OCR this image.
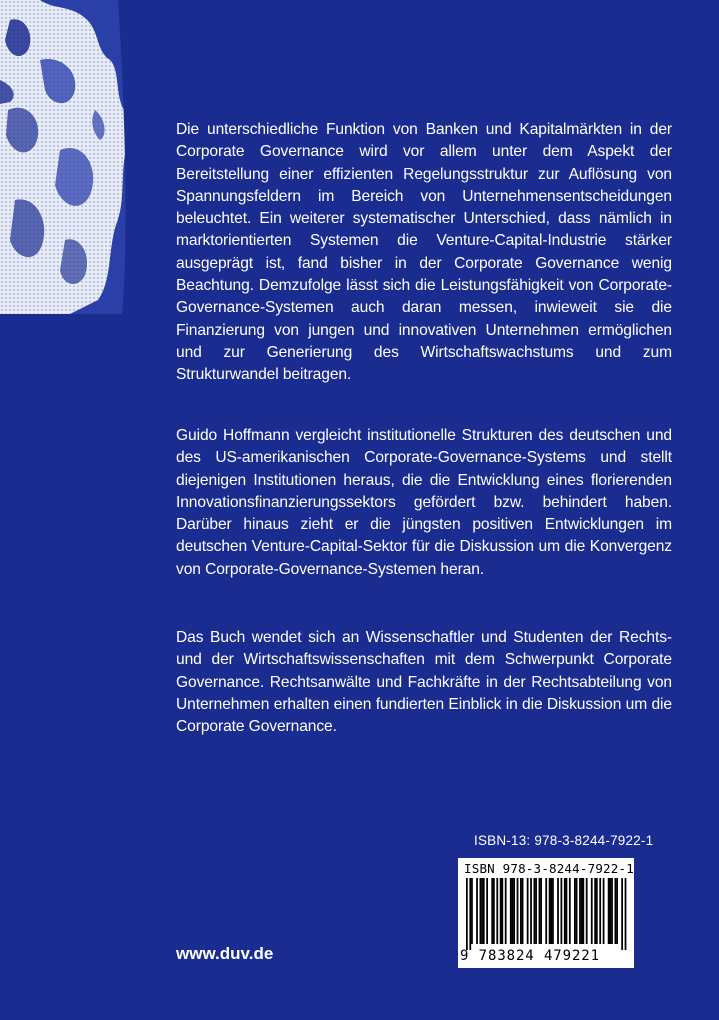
Die unterschiedliche Funktion von Banken und Kapitalmärkten in der Corporate Governance wird vor allem unter dem Aspekt der Bereitstellung einer effizienten Regelungsstruktur zur Auflösung von Spannungsfeldern im Bereich von Unternehmensentscheidungen beleuchtet. Ein weiterer systematischer Unterschied, dass nämlich in marktorientierten Systemen die Venture-Capital-Industrie stärker ausgeprägt ist, fand bisher in der Corporate Governance wenig Beachtung. Demzufolge lässt sich die Leistungsfähigkeit von Corporate-Governance-Systemen auch daran messen, inwieweit sie die Finanzierung von jungen und innovativen Unternehmen ermöglichen und zur Generierung des Wirtschaftswachstums und zum Strukturwandel beitragen.
Guido Hoffmann vergleicht institutionelle Strukturen des deutschen und des US-amerikanischen Corporate-Governance-Systems und stellt diejenigen Institutionen heraus, die die Entwicklung eines florierenden Innovationsfinanzierungssektors gefördert bzw. behindert haben. Darüber hinaus zieht er die jüngsten positiven Entwicklungen im deutschen Venture-Capital-Sektor für die Diskussion um die Konvergenz von Corporate-Governance-Systemen heran.
Das Buch wendet sich an Wissenschaftler und Studenten der Rechts- und der Wirtschaftswissenschaften mit dem Schwerpunkt Corporate Governance. Rechtsanwälte und Fachkräfte in der Rechtsabteilung von Unternehmen erhalten einen fundierten Einblick in die Diskussion um die Corporate Governance.
ISBN-13: 978-3-8244-7922-1
ISBN 978-3-8244-7922-1
9 783824 479221
www.duv.de
